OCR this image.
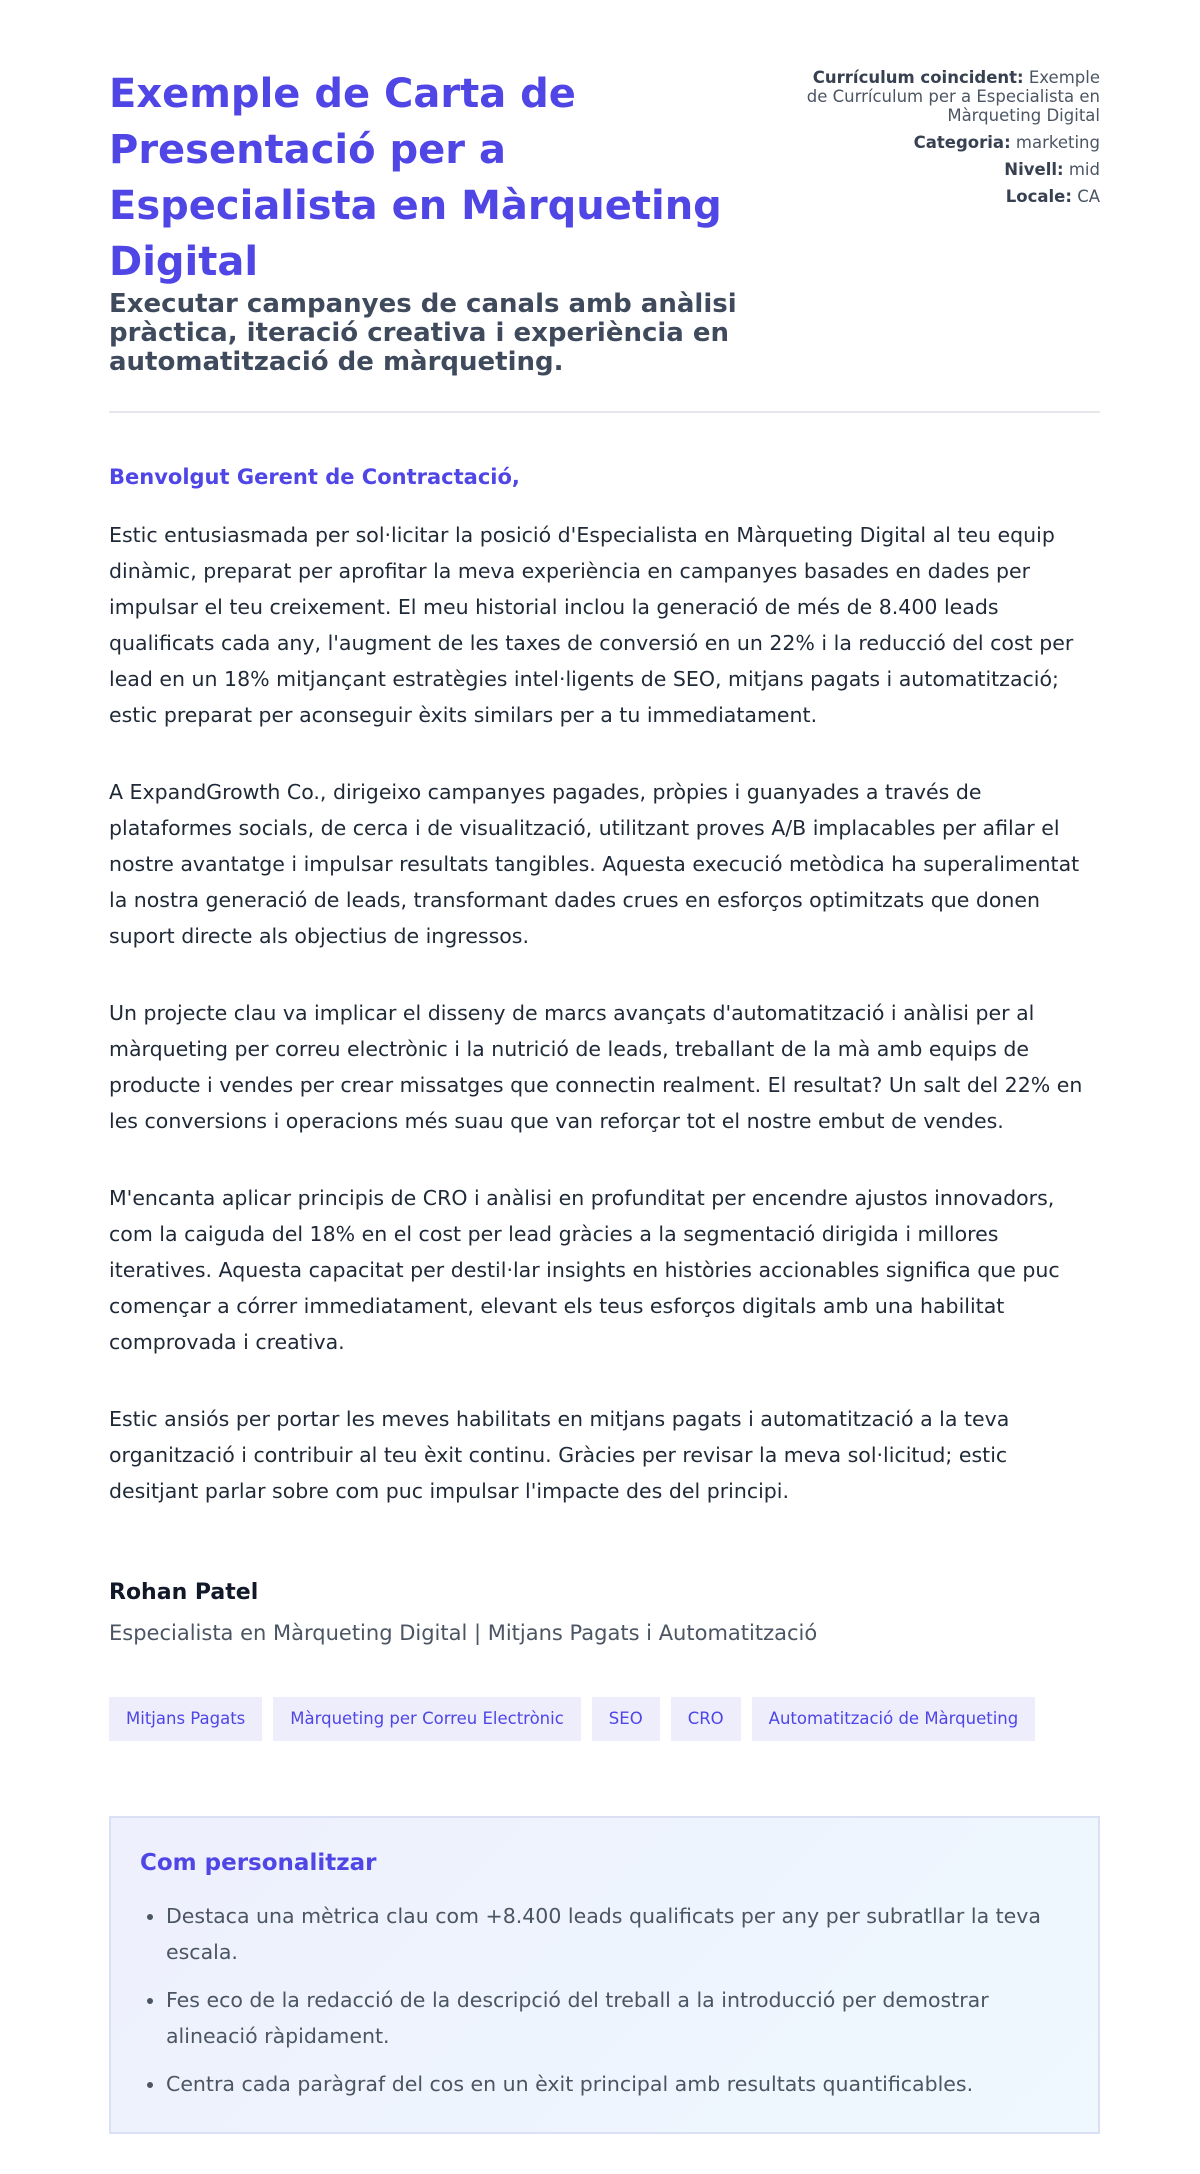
Exemple de Carta de Presentació per a Especialista en Màrqueting Digital
Executar campanyes de canals amb anàlisi pràctica, iteració creativa i experiència en automatització de màrqueting.
Currículum coincident: Exemple de Currículum per a Especialista en Màrqueting Digital
Categoria: marketing
Nivell: mid
Locale: CA
Benvolgut Gerent de Contractació,

Estic entusiasmada per sol·licitar la posició d'Especialista en Màrqueting Digital al teu equip dinàmic, preparat per aprofitar la meva experiència en campanyes basades en dades per impulsar el teu creixement. El meu historial inclou la generació de més de 8.400 leads qualificats cada any, l'augment de les taxes de conversió en un 22% i la reducció del cost per lead en un 18% mitjançant estratègies intel·ligents de SEO, mitjans pagats i automatització; estic preparat per aconseguir èxits similars per a tu immediatament.

A ExpandGrowth Co., dirigeixo campanyes pagades, pròpies i guanyades a través de plataformes socials, de cerca i de visualització, utilitzant proves A/B implacables per afilar el nostre avantatge i impulsar resultats tangibles. Aquesta execució metòdica ha superalimentat la nostra generació de leads, transformant dades crues en esforços optimitzats que donen suport directe als objectius de ingressos.

Un projecte clau va implicar el disseny de marcs avançats d'automatització i anàlisi per al màrqueting per correu electrònic i la nutrició de leads, treballant de la mà amb equips de producte i vendes per crear missatges que connectin realment. El resultat? Un salt del 22% en les conversions i operacions més suau que van reforçar tot el nostre embut de vendes.

M'encanta aplicar principis de CRO i anàlisi en profunditat per encendre ajustos innovadors, com la caiguda del 18% en el cost per lead gràcies a la segmentació dirigida i millores iteratives. Aquesta capacitat per destil·lar insights en històries accionables significa que puc començar a córrer immediatament, elevant els teus esforços digitals amb una habilitat comprovada i creativa.

Estic ansiós per portar les meves habilitats en mitjans pagats i automatització a la teva organització i contribuir al teu èxit continu. Gràcies per revisar la meva sol·licitud; estic desitjant parlar sobre com puc impulsar l'impacte des del principi.

Rohan Patel
Especialista en Màrqueting Digital | Mitjans Pagats i Automatització
Mitjans Pagats	Màrqueting per Correu Electrònic	SEO	CRO	Automatització de Màrqueting
Com personalitzar
• Destaca una mètrica clau com +8.400 leads qualificats per any per subratllar la teva escala.
• Fes eco de la redacció de la descripció del treball a la introducció per demostrar alineació ràpidament.
• Centra cada paràgraf del cos en un èxit principal amb resultats quantificables.
